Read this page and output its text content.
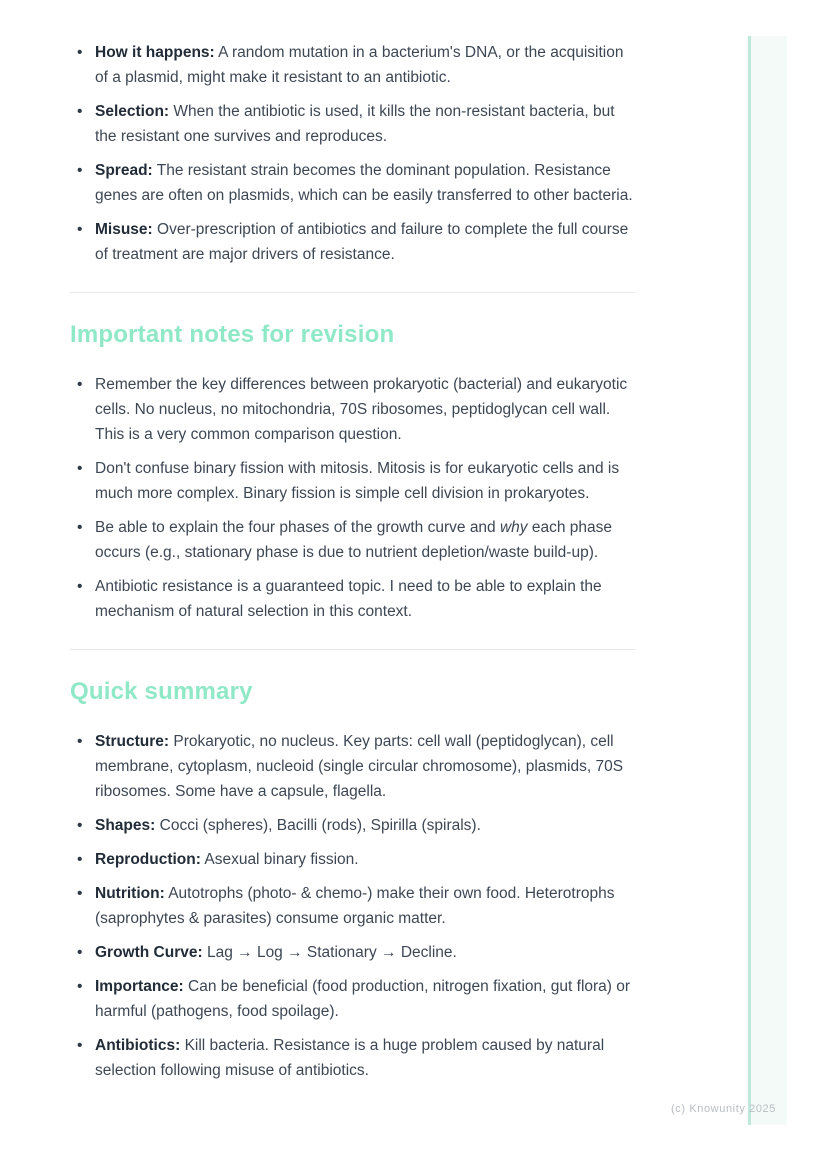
• How it happens: A random mutation in a bacterium's DNA, or the acquisition of a plasmid, might make it resistant to an antibiotic.
• Selection: When the antibiotic is used, it kills the non-resistant bacteria, but the resistant one survives and reproduces.
• Spread: The resistant strain becomes the dominant population. Resistance genes are often on plasmids, which can be easily transferred to other bacteria.
• Misuse: Over-prescription of antibiotics and failure to complete the full course of treatment are major drivers of resistance.
Important notes for revision
• Remember the key differences between prokaryotic (bacterial) and eukaryotic cells. No nucleus, no mitochondria, 70S ribosomes, peptidoglycan cell wall. This is a very common comparison question.
• Don't confuse binary fission with mitosis. Mitosis is for eukaryotic cells and is much more complex. Binary fission is simple cell division in prokaryotes.
• Be able to explain the four phases of the growth curve and why each phase occurs (e.g., stationary phase is due to nutrient depletion/waste build-up).
• Antibiotic resistance is a guaranteed topic. I need to be able to explain the mechanism of natural selection in this context.
Quick summary
• Structure: Prokaryotic, no nucleus. Key parts: cell wall (peptidoglycan), cell membrane, cytoplasm, nucleoid (single circular chromosome), plasmids, 70S ribosomes. Some have a capsule, flagella.
• Shapes: Cocci (spheres), Bacilli (rods), Spirilla (spirals).
• Reproduction: Asexual binary fission.
• Nutrition: Autotrophs (photo- & chemo-) make their own food. Heterotrophs (saprophytes & parasites) consume organic matter.
• Growth Curve: Lag → Log → Stationary → Decline.
• Importance: Can be beneficial (food production, nitrogen fixation, gut flora) or harmful (pathogens, food spoilage).
• Antibiotics: Kill bacteria. Resistance is a huge problem caused by natural selection following misuse of antibiotics.
(c) Knowunity 2025
